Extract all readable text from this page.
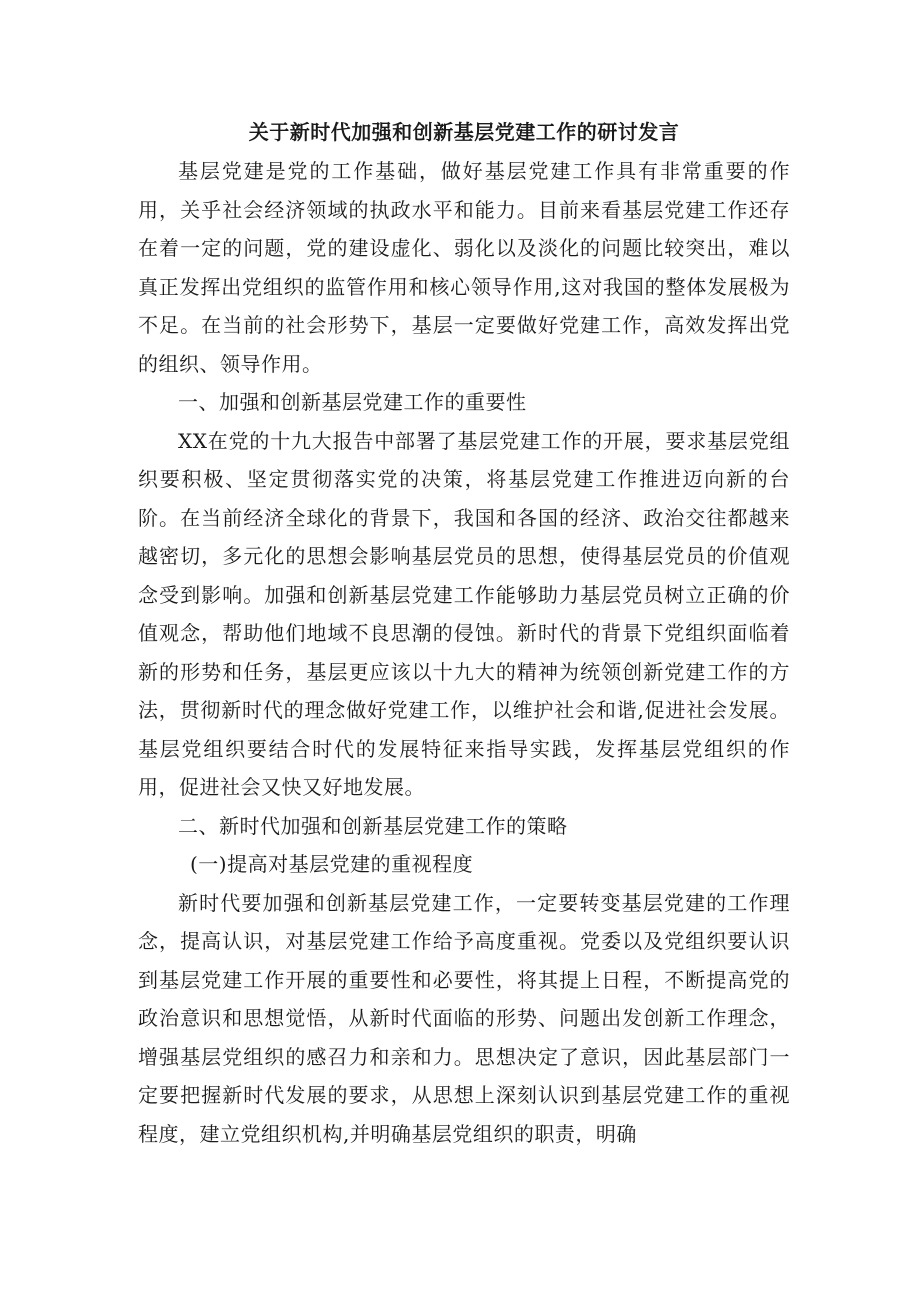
关于新时代加强和创新基层党建工作的研讨发言

基层党建是党的工作基础，做好基层党建工作具有非常重要的作用，关乎社会经济领域的执政水平和能力。目前来看基层党建工作还存在着一定的问题，党的建设虚化、弱化以及淡化的问题比较突出，难以真正发挥出党组织的监管作用和核心领导作用,这对我国的整体发展极为不足。在当前的社会形势下，基层一定要做好党建工作，高效发挥出党的组织、领导作用。

一、加强和创新基层党建工作的重要性

XX在党的十九大报告中部署了基层党建工作的开展，要求基层党组织要积极、坚定贯彻落实党的决策，将基层党建工作推进迈向新的台阶。在当前经济全球化的背景下，我国和各国的经济、政治交往都越来越密切，多元化的思想会影响基层党员的思想，使得基层党员的价值观念受到影响。加强和创新基层党建工作能够助力基层党员树立正确的价值观念，帮助他们地域不良思潮的侵蚀。新时代的背景下党组织面临着新的形势和任务，基层更应该以十九大的精神为统领创新党建工作的方法，贯彻新时代的理念做好党建工作，以维护社会和谐,促进社会发展。基层党组织要结合时代的发展特征来指导实践，发挥基层党组织的作用，促进社会又快又好地发展。

二、新时代加强和创新基层党建工作的策略

(一)提高对基层党建的重视程度

新时代要加强和创新基层党建工作，一定要转变基层党建的工作理念，提高认识，对基层党建工作给予高度重视。党委以及党组织要认识到基层党建工作开展的重要性和必要性，将其提上日程，不断提高党的政治意识和思想觉悟，从新时代面临的形势、问题出发创新工作理念，增强基层党组织的感召力和亲和力。思想决定了意识，因此基层部门一定要把握新时代发展的要求，从思想上深刻认识到基层党建工作的重视程度，建立党组织机构,并明确基层党组织的职责，明确
